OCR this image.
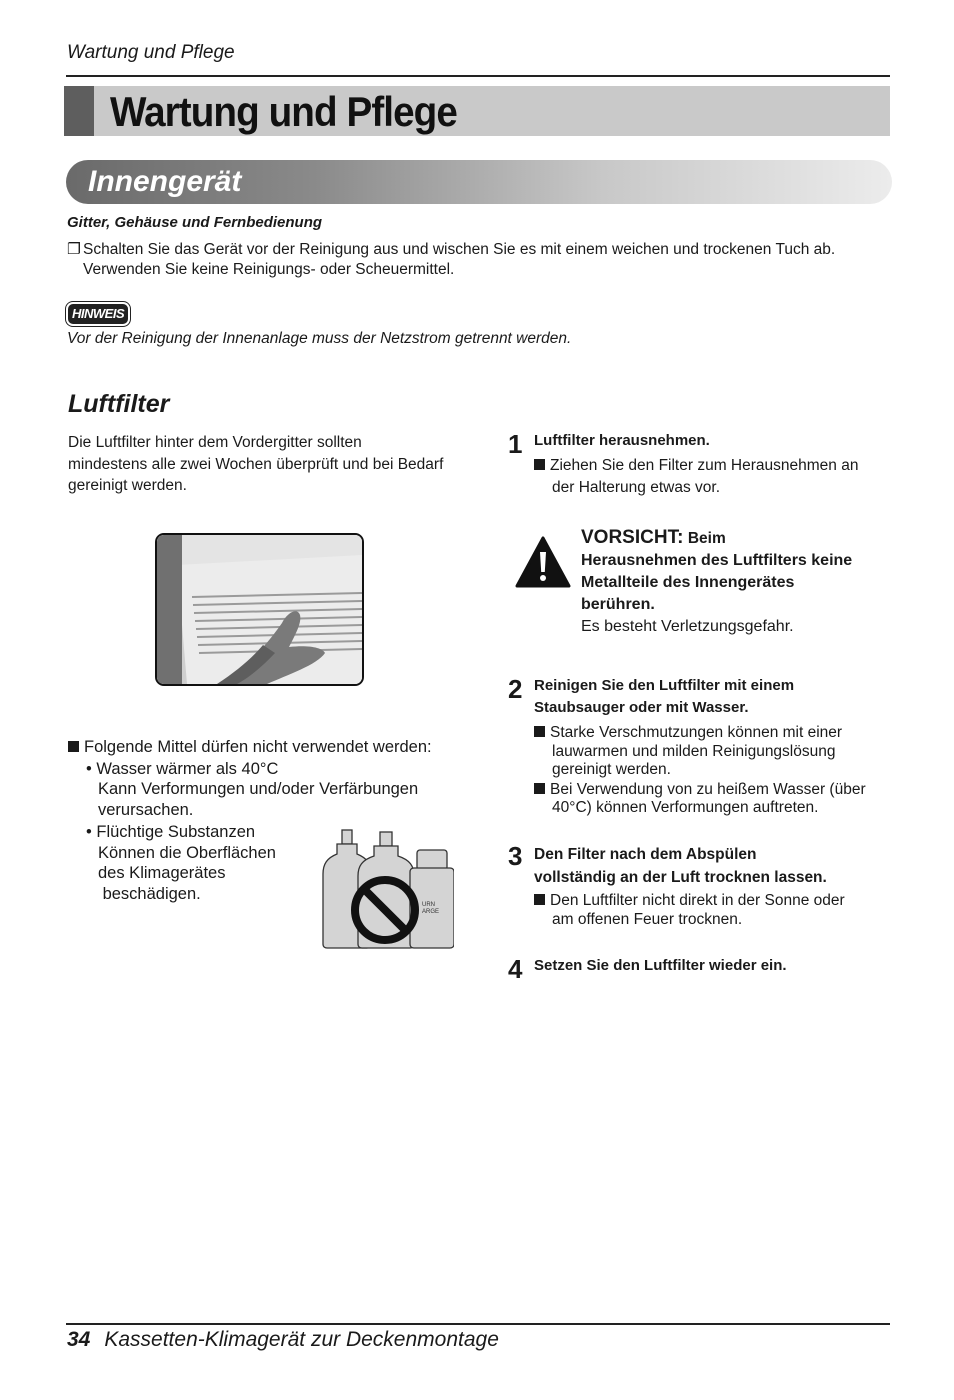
Wartung und Pflege
Wartung und Pflege
Innengerät
Gitter, Gehäuse und Fernbedienung
❐ Schalten Sie das Gerät vor der Reinigung aus und wischen Sie es mit einem weichen und trockenen Tuch ab.
Verwenden Sie keine Reinigungs- oder Scheuermittel.
HINWEIS
Vor der Reinigung der Innenanlage muss der Netzstrom getrennt werden.
Luftfilter
Die Luftfilter hinter dem Vordergitter sollten
mindestens alle zwei Wochen überprüft und bei Bedarf
gereinigt werden.
Folgende Mittel dürfen nicht verwendet werden:
• Wasser wärmer als 40°C
Kann Verformungen und/oder Verfärbungen
verursachen.
• Flüchtige Substanzen
Können die Oberflächen
des Klimagerätes
beschädigen.
URN
ARGE
1 Luftfilter herausnehmen.
Ziehen Sie den Filter zum Herausnehmen an
der Halterung etwas vor.
VORSICHT: Beim
Herausnehmen des Luftfilters keine
Metallteile des Innengerätes
berühren.
Es besteht Verletzungsgefahr.
2 Reinigen Sie den Luftfilter mit einem
Staubsauger oder mit Wasser.
Starke Verschmutzungen können mit einer
lauwarmen und milden Reinigungslösung
gereinigt werden.
Bei Verwendung von zu heißem Wasser (über
40°C) können Verformungen auftreten.
3 Den Filter nach dem Abspülen
vollständig an der Luft trocknen lassen.
Den Luftfilter nicht direkt in der Sonne oder
am offenen Feuer trocknen.
4 Setzen Sie den Luftfilter wieder ein.
34 Kassetten-Klimagerät zur Deckenmontage
